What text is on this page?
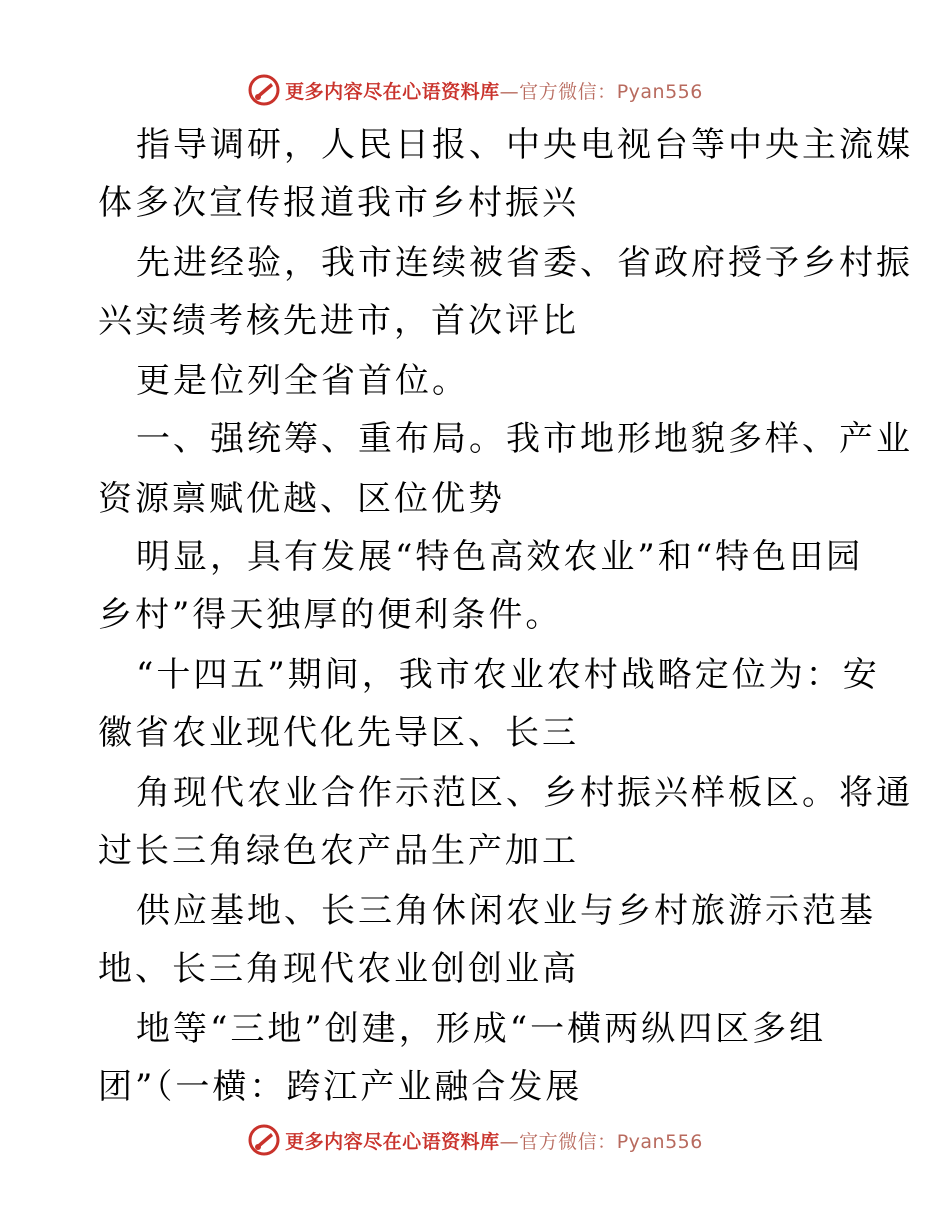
更多内容尽在心语资料库—官方微信：Pyan556
指导调研，人民日报、中央电视台等中央主流媒
体多次宣传报道我市乡村振兴
先进经验，我市连续被省委、省政府授予乡村振
兴实绩考核先进市，首次评比
更是位列全省首位。
一、强统筹、重布局。我市地形地貌多样、产业
资源禀赋优越、区位优势
明显，具有发展“特色高效农业”和“特色田园
乡村”得天独厚的便利条件。
“十四五”期间，我市农业农村战略定位为：安
徽省农业现代化先导区、长三
角现代农业合作示范区、乡村振兴样板区。将通
过长三角绿色农产品生产加工
供应基地、长三角休闲农业与乡村旅游示范基
地、长三角现代农业创创业高
地等“三地”创建，形成“一横两纵四区多组
团”（一横：跨江产业融合发展
更多内容尽在心语资料库—官方微信：Pyan556
